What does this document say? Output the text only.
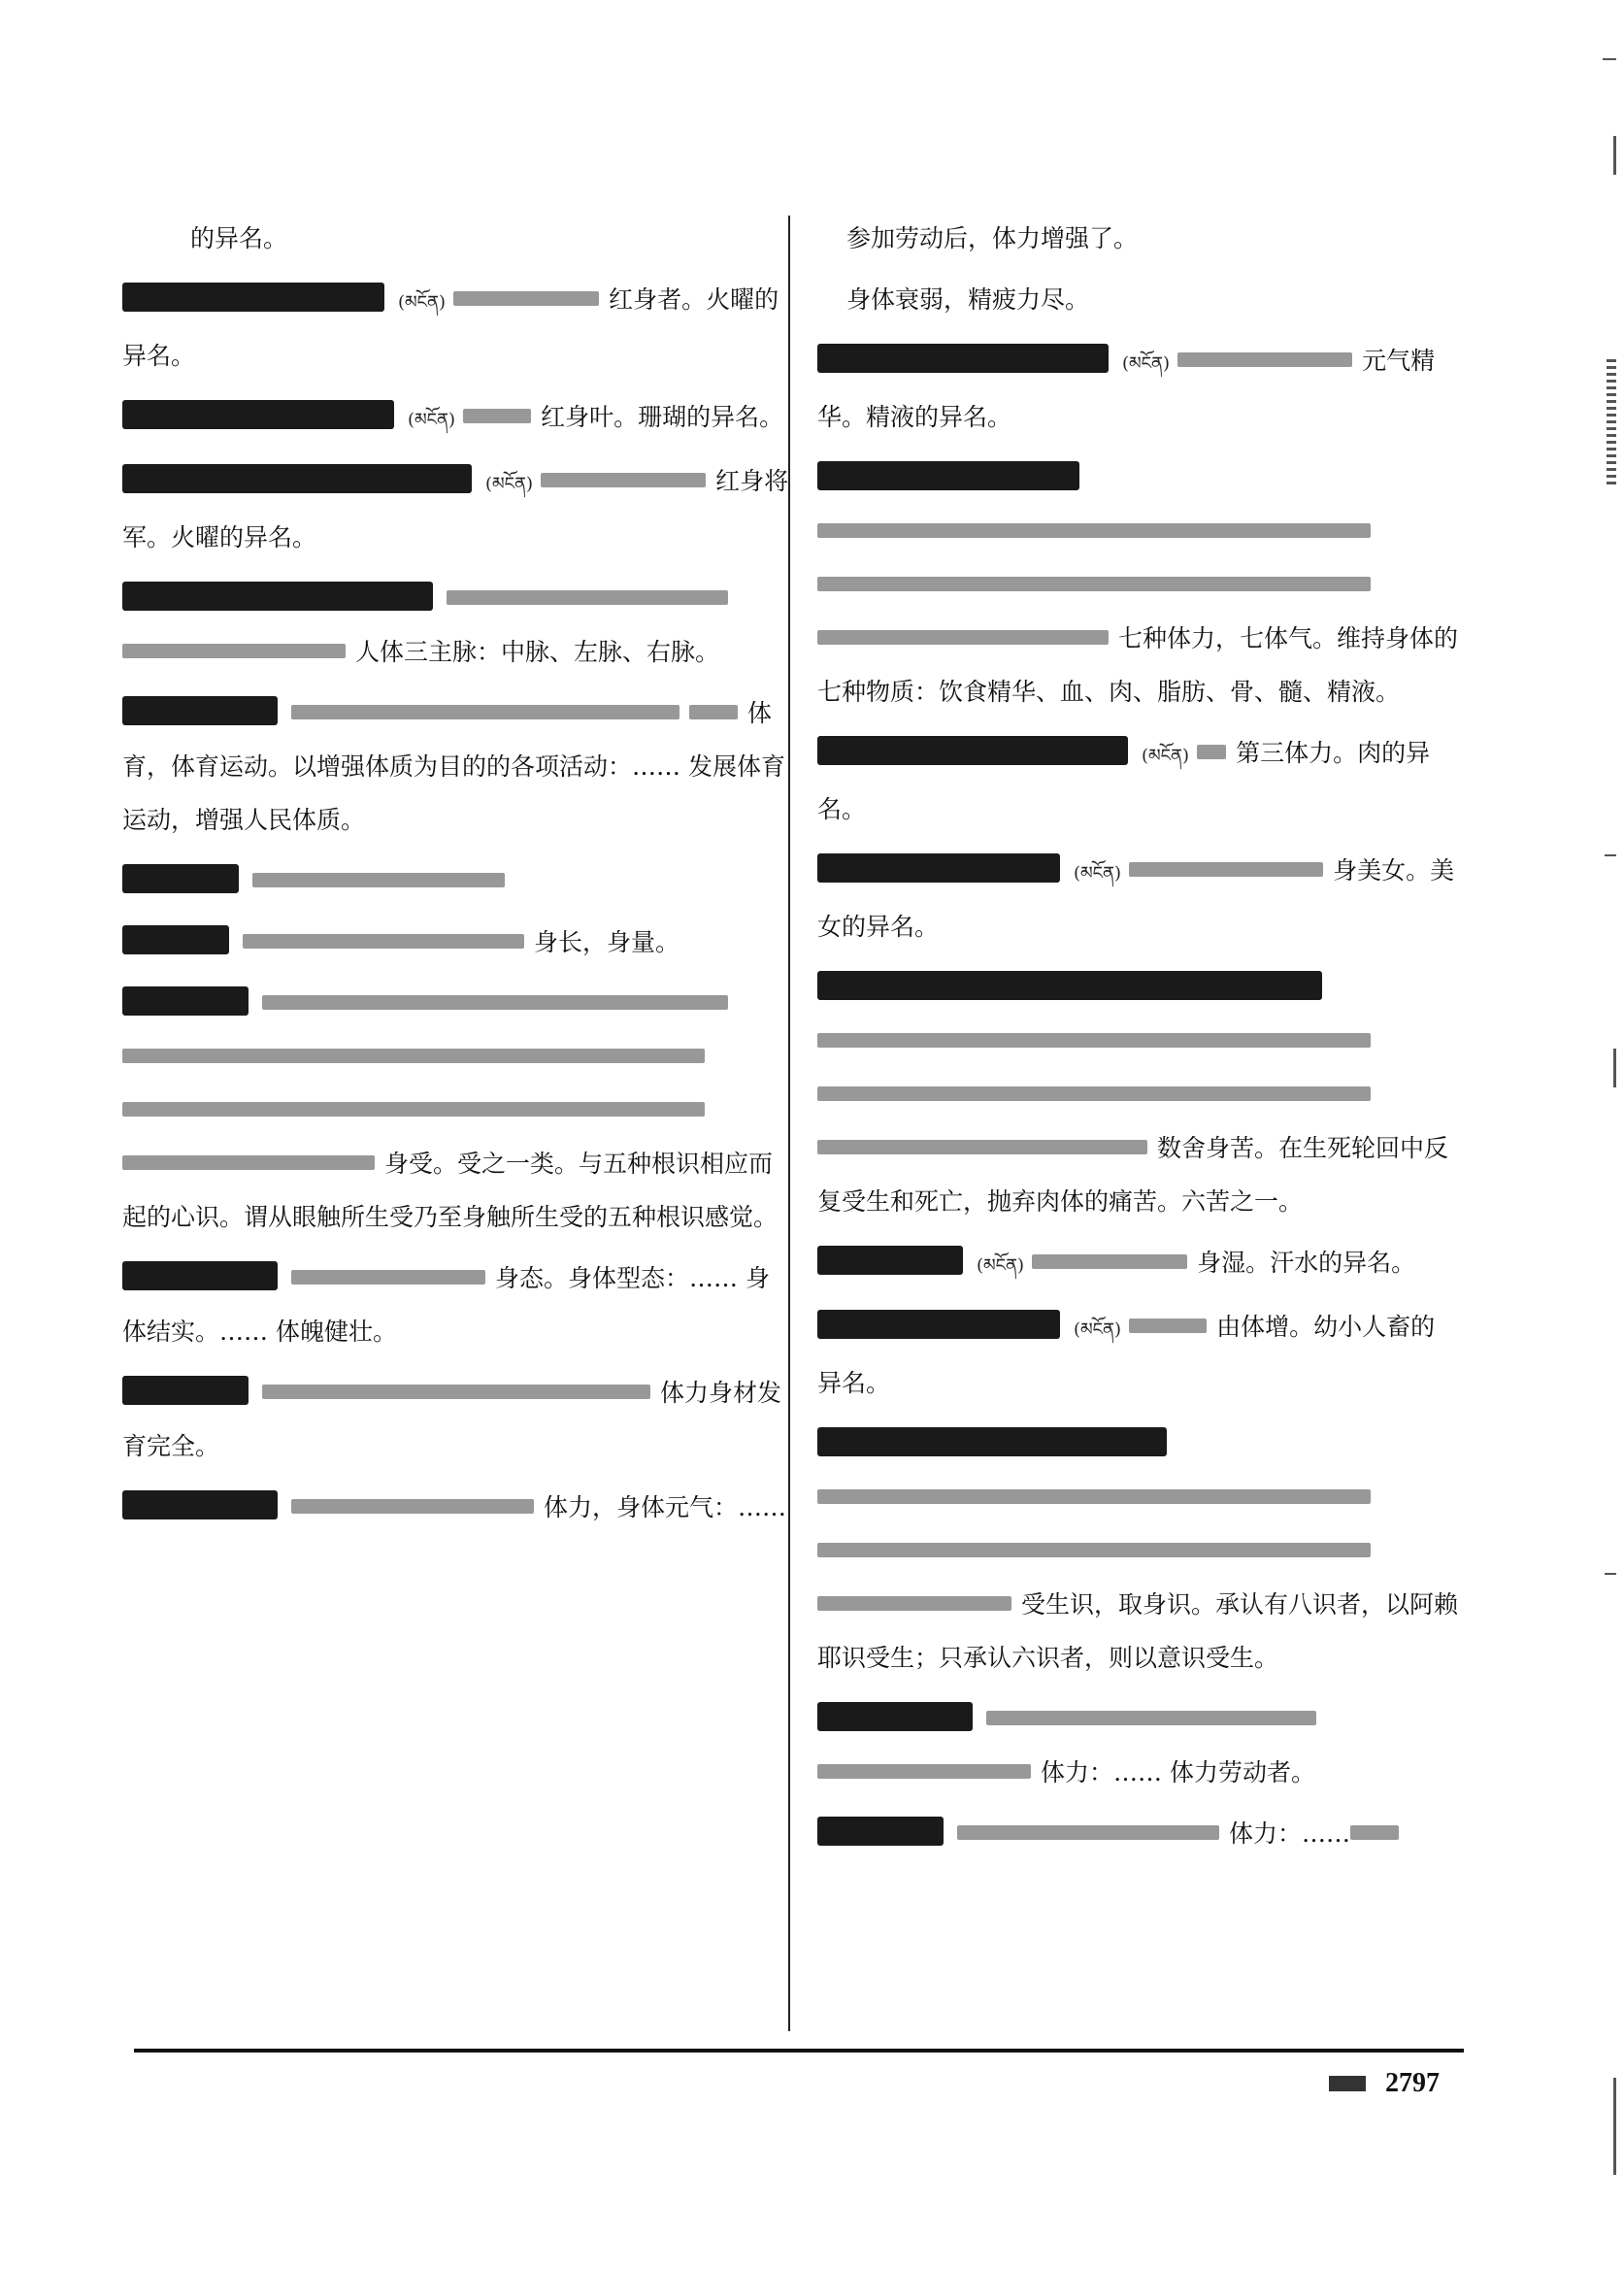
的异名。
(མངོན)	红身者。火曜的异名。
(མངོན)	红身叶。珊瑚的异名。
(མངོན)	红身将军。火曜的异名。
人体三主脉：中脉、左脉、右脉。
体育，体育运动。以增强体质为目的的各项活动：…… 发展体育运动，增强人民体质。
身长，身量。
身受。受之一类。与五种根识相应而起的心识。谓从眼触所生受乃至身触所生受的五种根识感觉。
身态。身体型态：…… 身体结实。…… 体魄健壮。
体力身材发育完全。
体力，身体元气：……
参加劳动后，体力增强了。
身体衰弱，精疲力尽。
(མངོན)	元气精华。精液的异名。
七种体力，七体气。维持身体的七种物质：饮食精华、血、肉、脂肪、骨、髓、精液。
(མངོན) 第三体力。肉的异名。
(མངོན)	身美女。美女的异名。
数舍身苦。在生死轮回中反复受生和死亡，抛弃肉体的痛苦。六苦之一。
(མངོན)	身湿。汗水的异名。
(མངོན)	由体增。幼小人畜的异名。
受生识，取身识。承认有八识者，以阿赖耶识受生；只承认六识者，则以意识受生。
体力：…… 体力劳动者。
体力：……
2797
